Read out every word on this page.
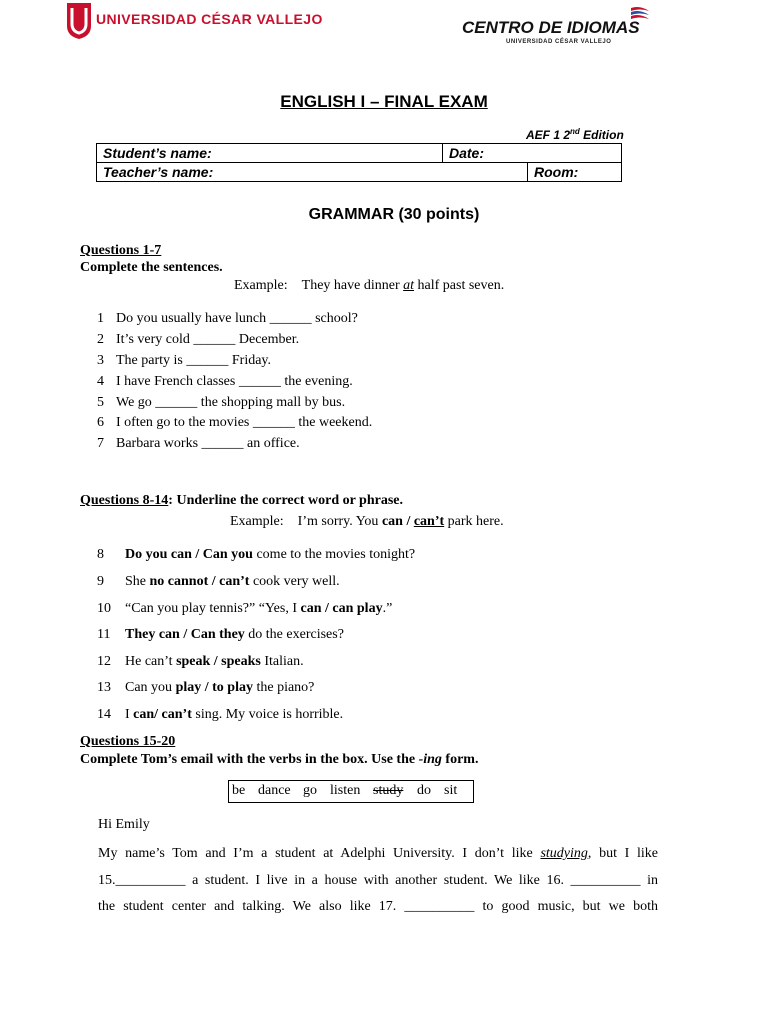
UNIVERSIDAD CÉSAR VALLEJO	CENTRO DE IDIOMAS
UNIVERSIDAD CÉSAR VALLEJO
ENGLISH I – FINAL EXAM
AEF 1 2nd Edition
Student’s name:	Date:
Teacher’s name:	Room:
GRAMMAR (30 points)
Questions 1-7
Complete the sentences.
Example: They have dinner at half past seven.
1 Do you usually have lunch ______ school?
2 It’s very cold ______ December.
3 The party is ______ Friday.
4 I have French classes ______ the evening.
5 We go ______ the shopping mall by bus.
6 I often go to the movies ______ the weekend.
7 Barbara works ______ an office.
Questions 8-14: Underline the correct word or phrase.
Example: I’m sorry. You can / can’t park here.
8 Do you can / Can you come to the movies tonight?
9 She no cannot / can’t cook very well.
10 “Can you play tennis?” “Yes, I can / can play.”
11 They can / Can they do the exercises?
12 He can’t speak / speaks Italian.
13 Can you play / to play the piano?
14 I can/ can’t sing. My voice is horrible.
Questions 15-20
Complete Tom’s email with the verbs in the box. Use the -ing form.
be dance go listen study do sit
Hi Emily
My name’s Tom and I’m a student at Adelphi University. I don’t like studying, but I like
15.__________ a student. I live in a house with another student. We like 16. __________ in
the student center and talking. We also like 17. __________ to good music, but we both
